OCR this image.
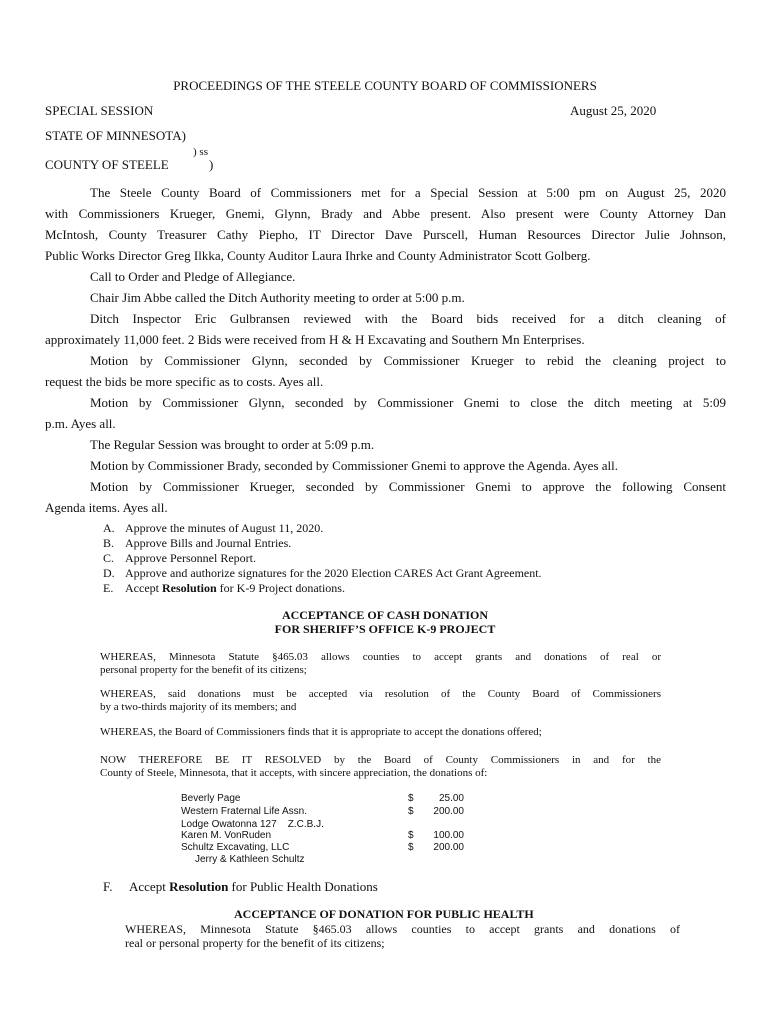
PROCEEDINGS OF THE STEELE COUNTY BOARD OF COMMISSIONERS
SPECIAL SESSION	August 25, 2020
STATE OF MINNESOTA)
) ss
COUNTY OF STEELE	)
The Steele County Board of Commissioners met for a Special Session at 5:00 pm on August 25, 2020
with Commissioners Krueger, Gnemi, Glynn, Brady and Abbe present. Also present were County Attorney Dan
McIntosh, County Treasurer Cathy Piepho, IT Director Dave Purscell, Human Resources Director Julie Johnson,
Public Works Director Greg Ilkka, County Auditor Laura Ihrke and County Administrator Scott Golberg.
Call to Order and Pledge of Allegiance.
Chair Jim Abbe called the Ditch Authority meeting to order at 5:00 p.m.
Ditch Inspector Eric Gulbransen reviewed with the Board bids received for a ditch cleaning of
approximately 11,000 feet. 2 Bids were received from H & H Excavating and Southern Mn Enterprises.
Motion by Commissioner Glynn, seconded by Commissioner Krueger to rebid the cleaning project to
request the bids be more specific as to costs. Ayes all.
Motion by Commissioner Glynn, seconded by Commissioner Gnemi to close the ditch meeting at 5:09
p.m. Ayes all.
The Regular Session was brought to order at 5:09 p.m.
Motion by Commissioner Brady, seconded by Commissioner Gnemi to approve the Agenda. Ayes all.
Motion by Commissioner Krueger, seconded by Commissioner Gnemi to approve the following Consent
Agenda items. Ayes all.
A. Approve the minutes of August 11, 2020.
B. Approve Bills and Journal Entries.
C. Approve Personnel Report.
D. Approve and authorize signatures for the 2020 Election CARES Act Grant Agreement.
E. Accept Resolution for K-9 Project donations.
ACCEPTANCE OF CASH DONATION
FOR SHERIFF’S OFFICE K-9 PROJECT
WHEREAS, Minnesota Statute §465.03 allows counties to accept grants and donations of real or
personal property for the benefit of its citizens;
WHEREAS, said donations must be accepted via resolution of the County Board of Commissioners
by a two-thirds majority of its members; and
WHEREAS, the Board of Commissioners finds that it is appropriate to accept the donations offered;
NOW THEREFORE BE IT RESOLVED by the Board of County Commissioners in and for the
County of Steele, Minnesota, that it accepts, with sincere appreciation, the donations of:
Beverly Page	$	25.00
Western Fraternal Life Assn.	$	200.00
Lodge Owatonna 127    Z.C.B.J.
Karen M. VonRuden	$	100.00
Schultz Excavating, LLC	$	200.00
Jerry & Kathleen Schultz
F. Accept Resolution for Public Health Donations
ACCEPTANCE OF DONATION FOR PUBLIC HEALTH
WHEREAS, Minnesota Statute §465.03 allows counties to accept grants and donations of
real or personal property for the benefit of its citizens;
